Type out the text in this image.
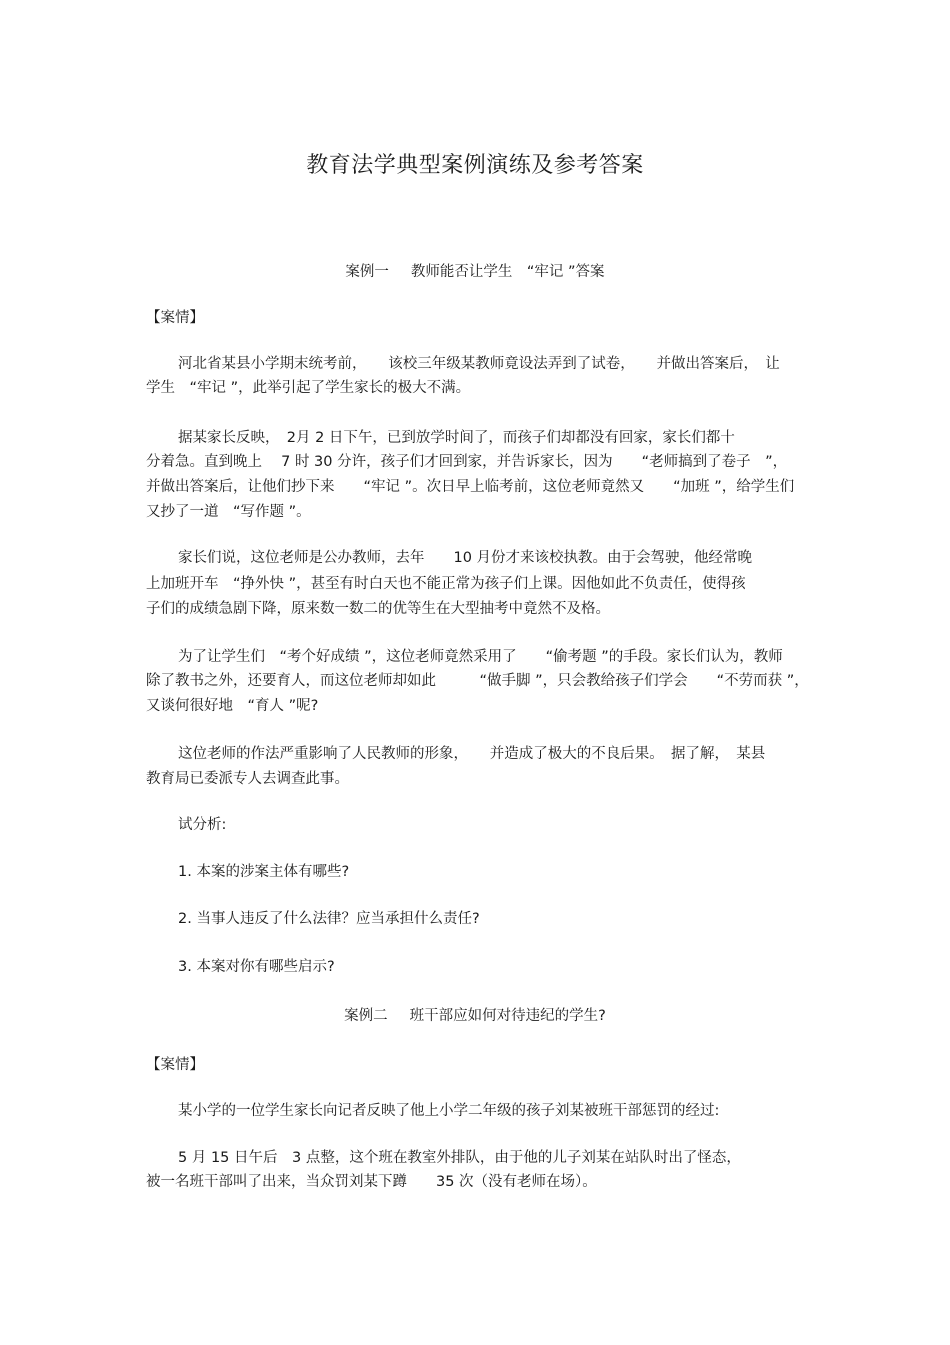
教育法学典型案例演练及参考答案
案例一 教师能否让学生　“牢记 ”答案
【案情】
河北省某县小学期末统考前，　　该校三年级某教师竟设法弄到了试卷，　　并做出答案后，　让
学生　“牢记 ”，此举引起了学生家长的极大不满。
据某家长反映，　2月 2 日下午，已到放学时间了，而孩子们却都没有回家，家长们都十
分着急。直到晚上　 7 时 30 分许，孩子们才回到家，并告诉家长，因为　　“老师搞到了卷子　”，
并做出答案后，让他们抄下来　　“牢记 ”。次日早上临考前，这位老师竟然又　　“加班 ”，给学生们
又抄了一道　“写作题 ”。
家长们说，这位老师是公办教师，去年　　10 月份才来该校执教。由于会驾驶，他经常晚
上加班开车　“挣外快 ”，甚至有时白天也不能正常为孩子们上课。因他如此不负责任，使得孩
子们的成绩急剧下降，原来数一数二的优等生在大型抽考中竟然不及格。
为了让学生们　“考个好成绩 ”，这位老师竟然采用了　　“偷考题 ”的手段。家长们认为，教师
除了教书之外，还要育人，而这位老师却如此　　　“做手脚 ”，只会教给孩子们学会　　“不劳而获 ”，
又谈何很好地　“育人 ”呢?
这位老师的作法严重影响了人民教师的形象，　　并造成了极大的不良后果。　据了解，　某县
教育局已委派专人去调查此事。
试分析:
1. 本案的涉案主体有哪些?
2. 当事人违反了什么法律？应当承担什么责任?
3. 本案对你有哪些启示?
案例二 班干部应如何对待违纪的学生?
【案情】
某小学的一位学生家长向记者反映了他上小学二年级的孩子刘某被班干部惩罚的经过:
5 月 15 日午后　3 点整，这个班在教室外排队，由于他的儿子刘某在站队时出了怪态，
被一名班干部叫了出来，当众罚刘某下蹲　　35 次（没有老师在场）。
